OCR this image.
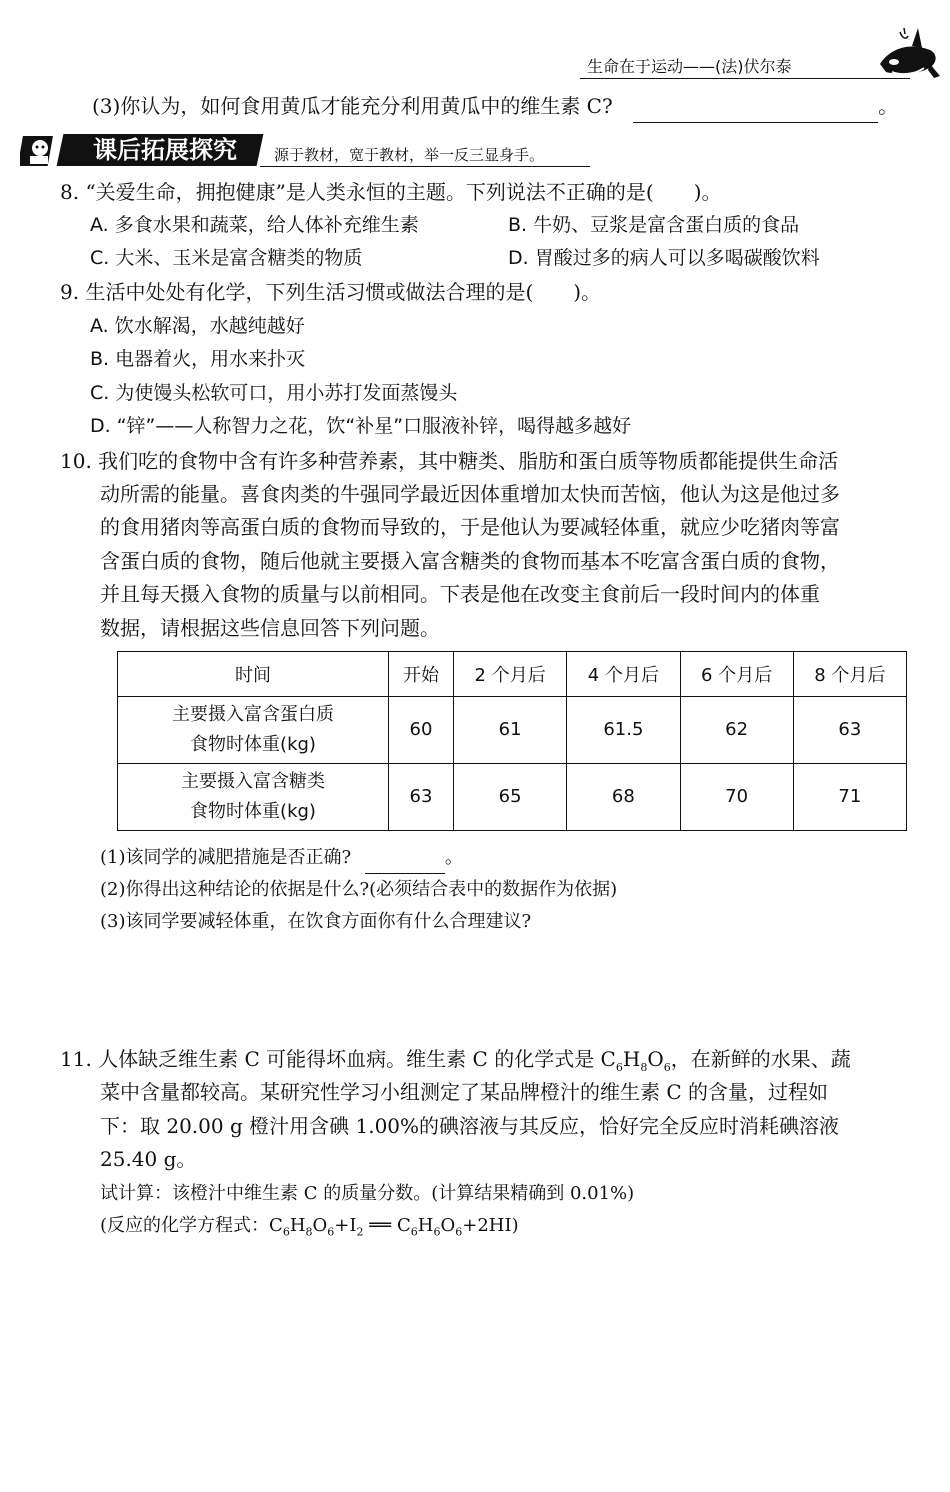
生命在于运动——(法)伏尔泰
(3)你认为，如何食用黄瓜才能充分利用黄瓜中的维生素 C?	。
课后拓展探究	源于教材，宽于教材，举一反三显身手。
8. “关爱生命，拥抱健康”是人类永恒的主题。下列说法不正确的是(　　)。
A. 多食水果和蔬菜，给人体补充维生素	B. 牛奶、豆浆是富含蛋白质的食品
C. 大米、玉米是富含糖类的物质	D. 胃酸过多的病人可以多喝碳酸饮料
9. 生活中处处有化学，下列生活习惯或做法合理的是(　　)。
A. 饮水解渴，水越纯越好
B. 电器着火，用水来扑灭
C. 为使馒头松软可口，用小苏打发面蒸馒头
D. “锌”——人称智力之花，饮“补星”口服液补锌，喝得越多越好
10. 我们吃的食物中含有许多种营养素，其中糖类、脂肪和蛋白质等物质都能提供生命活
动所需的能量。喜食肉类的牛强同学最近因体重增加太快而苦恼，他认为这是他过多
的食用猪肉等高蛋白质的食物而导致的，于是他认为要减轻体重，就应少吃猪肉等富
含蛋白质的食物，随后他就主要摄入富含糖类的食物而基本不吃富含蛋白质的食物，
并且每天摄入食物的质量与以前相同。下表是他在改变主食前后一段时间内的体重
数据，请根据这些信息回答下列问题。
时间	开始	2 个月后	4 个月后	6 个月后	8 个月后

主要摄入富含蛋白质
食物时体重(kg)	60	61	61.5	62	63

主要摄入富含糖类
食物时体重(kg)	63	65	68	70	71
(1)该同学的减肥措施是否正确?	。
(2)你得出这种结论的依据是什么?(必须结合表中的数据作为依据)
(3)该同学要减轻体重，在饮食方面你有什么合理建议?
11. 人体缺乏维生素 C 可能得坏血病。维生素 C 的化学式是 $C_6H_8O_6$，在新鲜的水果、蔬
菜中含量都较高。某研究性学习小组测定了某品牌橙汁的维生素 C 的含量，过程如
下：取 20.00 g 橙汁用含碘 1.00%的碘溶液与其反应，恰好完全反应时消耗碘溶液
25.40 g。
试计算：该橙汁中维生素 C 的质量分数。(计算结果精确到 0.01%)
(反应的化学方程式：$C_6H_8O_6+I_2$ ══ $C_6H_6O_6+2HI$)
